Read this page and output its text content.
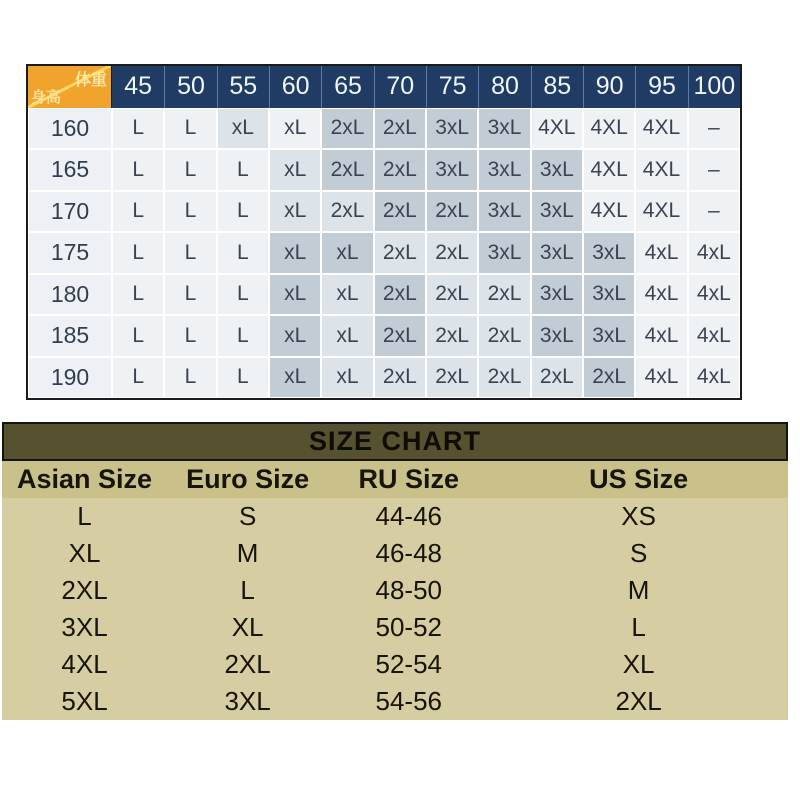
体重
身高	45	50 55 60 65 70 75 80 85 90 95 100
160	L	L	xL	xL	2xL 2xL 3xL 3xL 4XL 4XL 4XL	–
165	L	L	L	xL	2xL 2xL 3xL 3xL 3xL 4XL 4XL	–
170	L	L	L	xL	2xL 2xL 2xL 3xL 3xL 4XL 4XL	–
175	L	L	L	xL	xL	2xL 2xL 3xL 3xL 3xL 4xL 4xL
180	L	L	L	xL	xL	2xL 2xL 2xL 3xL 3xL 4xL 4xL
185	L	L	L	xL	xL	2xL 2xL 2xL 3xL 3xL 4xL 4xL
190	L	L	L	xL	xL	2xL 2xL 2xL 2xL 2xL 4xL 4xL
SIZE CHART
Asian Size	Euro Size	RU Size	US Size
L	S	44-46	XS
XL	M	46-48	S
2XL	L	48-50	M
3XL	XL	50-52	L
4XL	2XL	52-54	XL
5XL	3XL	54-56	2XL
